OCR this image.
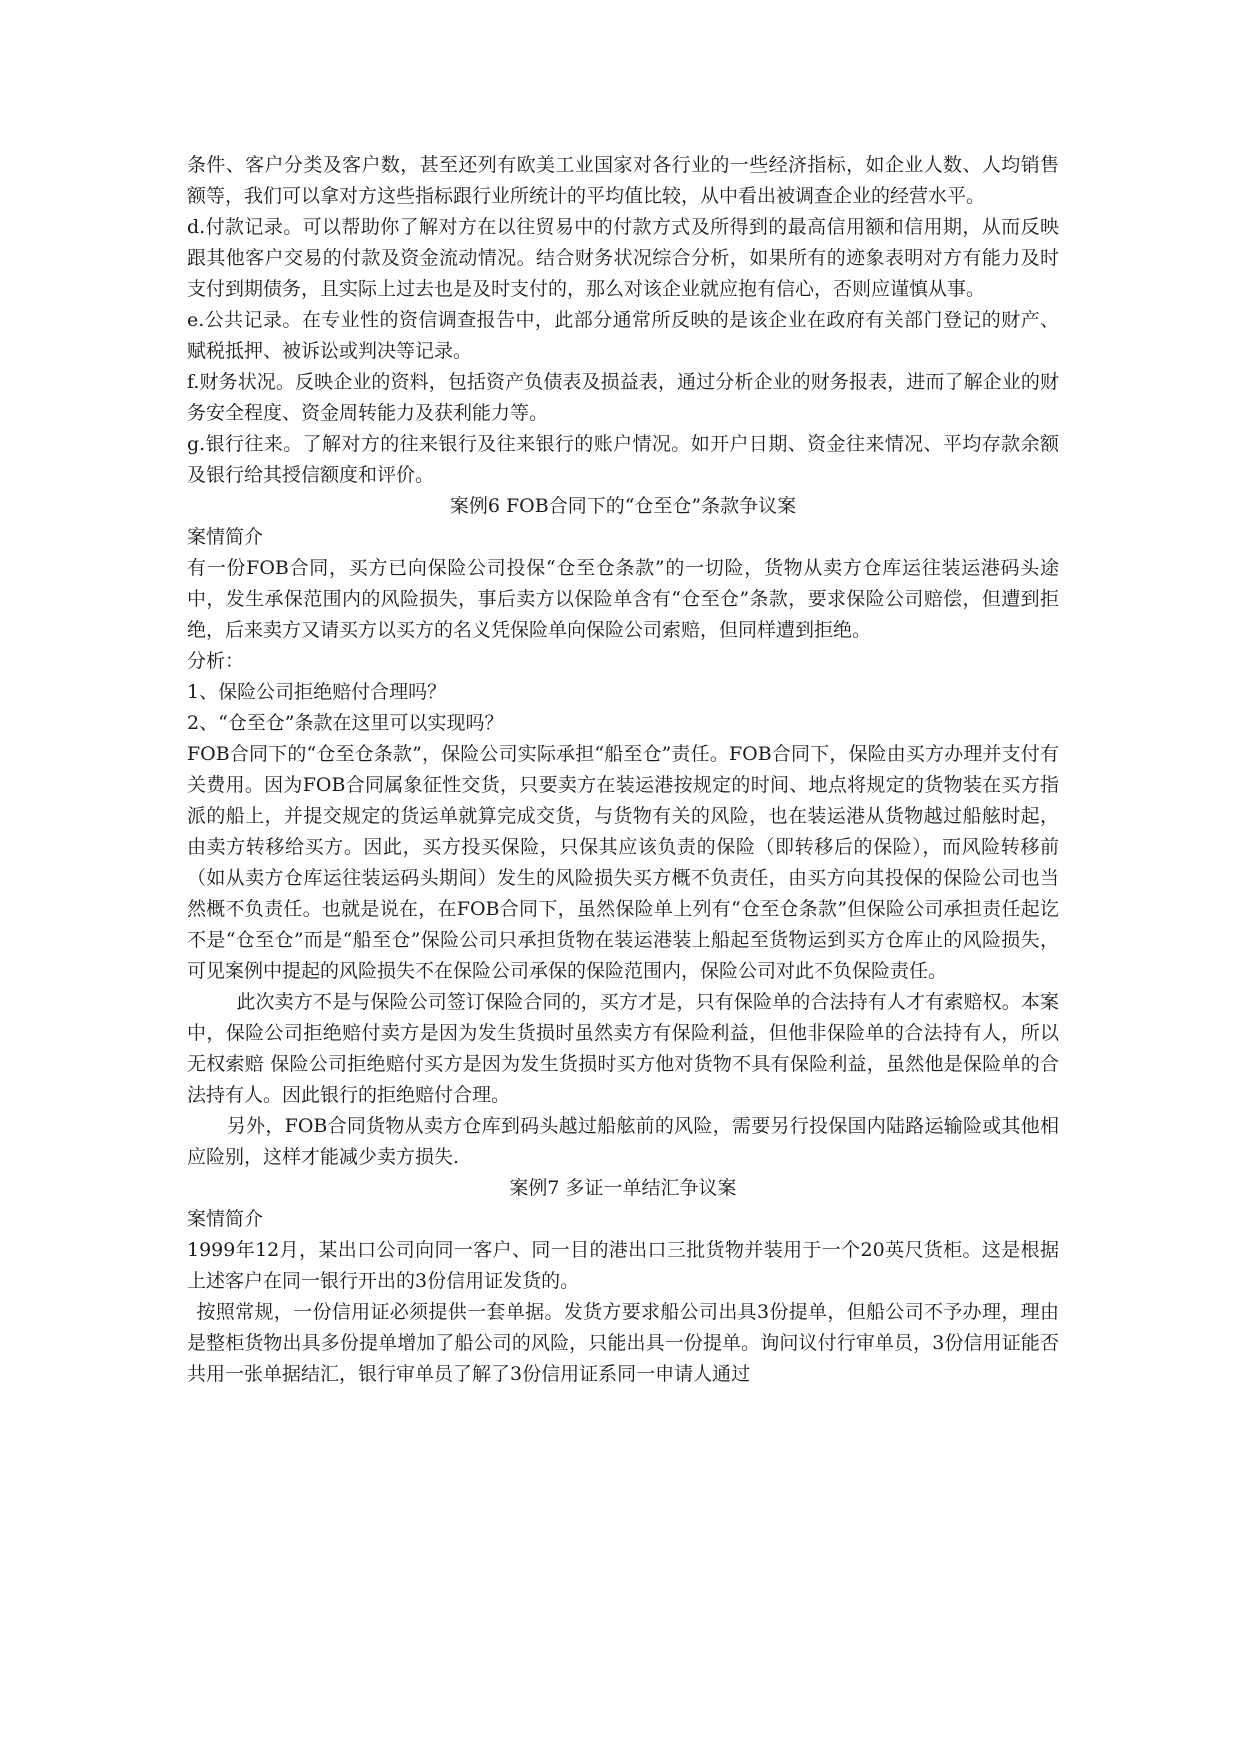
条件、客户分类及客户数，甚至还列有欧美工业国家对各行业的一些经济指标，如企业人数、人均销售额等，我们可以拿对方这些指标跟行业所统计的平均值比较，从中看出被调查企业的经营水平。

d.付款记录。可以帮助你了解对方在以往贸易中的付款方式及所得到的最高信用额和信用期，从而反映跟其他客户交易的付款及资金流动情况。结合财务状况综合分析，如果所有的迹象表明对方有能力及时支付到期债务，且实际上过去也是及时支付的，那么对该企业就应抱有信心，否则应谨慎从事。

e.公共记录。在专业性的资信调查报告中，此部分通常所反映的是该企业在政府有关部门登记的财产、赋税抵押、被诉讼或判决等记录。

f.财务状况。反映企业的资料，包括资产负债表及损益表，通过分析企业的财务报表，进而了解企业的财务安全程度、资金周转能力及获利能力等。

g.银行往来。了解对方的往来银行及往来银行的账户情况。如开户日期、资金往来情况、平均存款余额及银行给其授信额度和评价。

案例6 FOB合同下的“仓至仓”条款争议案

案情简介

有一份FOB合同，买方已向保险公司投保“仓至仓条款”的一切险，货物从卖方仓库运往装运港码头途中，发生承保范围内的风险损失，事后卖方以保险单含有“仓至仓”条款，要求保险公司赔偿，但遭到拒绝，后来卖方又请买方以买方的名义凭保险单向保险公司索赔，但同样遭到拒绝。

分析：

1、保险公司拒绝赔付合理吗？

2、“仓至仓”条款在这里可以实现吗？

FOB合同下的“仓至仓条款”，保险公司实际承担“船至仓”责任。FOB合同下，保险由买方办理并支付有关费用。因为FOB合同属象征性交货，只要卖方在装运港按规定的时间、地点将规定的货物装在买方指派的船上，并提交规定的货运单就算完成交货，与货物有关的风险，也在装运港从货物越过船舷时起，由卖方转移给买方。因此，买方投买保险，只保其应该负责的保险（即转移后的保险），而风险转移前（如从卖方仓库运往装运码头期间）发生的风险损失买方概不负责任，由买方向其投保的保险公司也当然概不负责任。也就是说在，在FOB合同下，虽然保险单上列有“仓至仓条款”但保险公司承担责任起讫不是“仓至仓”而是“船至仓”保险公司只承担货物在装运港装上船起至货物运到买方仓库止的风险损失，可见案例中提起的风险损失不在保险公司承保的保险范围内，保险公司对此不负保险责任。

此次卖方不是与保险公司签订保险合同的，买方才是，只有保险单的合法持有人才有索赔权。本案中，保险公司拒绝赔付卖方是因为发生货损时虽然卖方有保险利益，但他非保险单的合法持有人，所以无权索赔 保险公司拒绝赔付买方是因为发生货损时买方他对货物不具有保险利益，虽然他是保险单的合法持有人。因此银行的拒绝赔付合理。

另外，FOB合同货物从卖方仓库到码头越过船舷前的风险，需要另行投保国内陆路运输险或其他相应险别，这样才能减少卖方损失.

案例7 多证一单结汇争议案

案情简介

1999年12月，某出口公司向同一客户、同一目的港出口三批货物并装用于一个20英尺货柜。这是根据上述客户在同一银行开出的3份信用证发货的。

按照常规，一份信用证必须提供一套单据。发货方要求船公司出具3份提单，但船公司不予办理，理由是整柜货物出具多份提单增加了船公司的风险，只能出具一份提单。询问议付行审单员，3份信用证能否共用一张单据结汇，银行审单员了解了3份信用证系同一申请人通过
